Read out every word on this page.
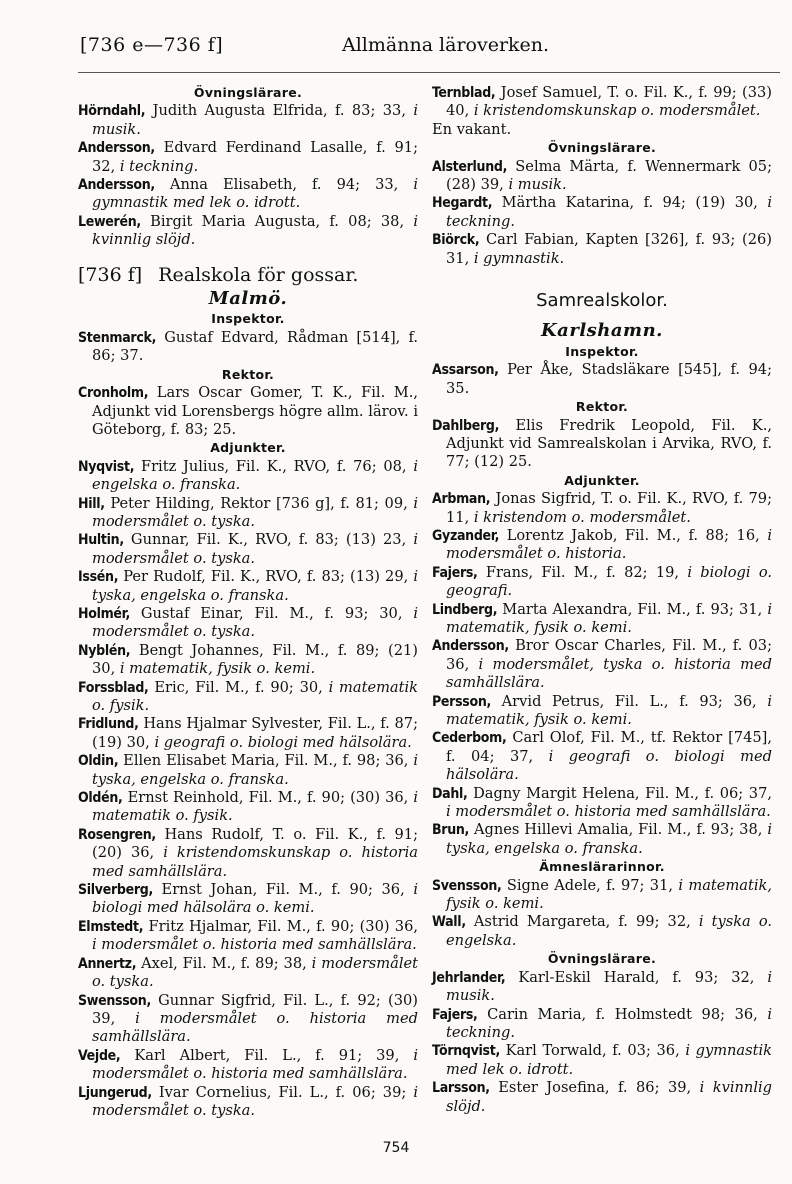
[736 e—736 f]	Allmänna läroverken.

Övningslärare.

Hörndahl, Judith Augusta Elfrida, f. 83; 33, i musik.

Andersson, Edvard Ferdinand Lasalle, f. 91; 32, i teckning.

Andersson, Anna Elisabeth, f. 94; 33, i gymnastik med lek o. idrott.

Lewerén, Birgit Maria Augusta, f. 08; 38, i kvinnlig slöjd.

[736 f] Realskola för gossar.

Malmö.

Inspektor.

Stenmarck, Gustaf Edvard, Rådman [514], f. 86; 37.

Rektor.

Cronholm, Lars Oscar Gomer, T. K., Fil. M., Adjunkt vid Lorensbergs högre allm. lärov. i Göteborg, f. 83; 25.

Adjunkter.

Nyqvist, Fritz Julius, Fil. K., RVO, f. 76; 08, i engelska o. franska.

Hill, Peter Hilding, Rektor [736 g], f. 81; 09, i modersmålet o. tyska.

Hultin, Gunnar, Fil. K., RVO, f. 83; (13) 23, i modersmålet o. tyska.

Issén, Per Rudolf, Fil. K., RVO, f. 83; (13) 29, i tyska, engelska o. franska.

Holmér, Gustaf Einar, Fil. M., f. 93; 30, i modersmålet o. tyska.

Nyblén, Bengt Johannes, Fil. M., f. 89; (21) 30, i matematik, fysik o. kemi.

Forssblad, Eric, Fil. M., f. 90; 30, i matematik o. fysik.

Fridlund, Hans Hjalmar Sylvester, Fil. L., f. 87; (19) 30, i geografi o. biologi med hälsolära.

Oldin, Ellen Elisabet Maria, Fil. M., f. 98; 36, i tyska, engelska o. franska.

Oldén, Ernst Reinhold, Fil. M., f. 90; (30) 36, i matematik o. fysik.

Rosengren, Hans Rudolf, T. o. Fil. K., f. 91; (20) 36, i kristendomskunskap o. historia med samhällslära.

Silverberg, Ernst Johan, Fil. M., f. 90; 36, i biologi med hälsolära o. kemi.

Elmstedt, Fritz Hjalmar, Fil. M., f. 90; (30) 36, i modersmålet o. historia med samhällslära.

Annertz, Axel, Fil. M., f. 89; 38, i modersmålet o. tyska.

Swensson, Gunnar Sigfrid, Fil. L., f. 92; (30) 39, i modersmålet o. historia med samhällslära.

Vejde, Karl Albert, Fil. L., f. 91; 39, i modersmålet o. historia med samhällslära.

Ljungerud, Ivar Cornelius, Fil. L., f. 06; 39; i modersmålet o. tyska.

Ternblad, Josef Samuel, T. o. Fil. K., f. 99; (33) 40, i kristendomskunskap o. modersmålet.

En vakant.

Övningslärare.

Alsterlund, Selma Märta, f. Wennermark 05; (28) 39, i musik.

Hegardt, Märtha Katarina, f. 94; (19) 30, i teckning.

Biörck, Carl Fabian, Kapten [326], f. 93; (26) 31, i gymnastik.

Samrealskolor.

Karlshamn.

Inspektor.

Assarson, Per Åke, Stadsläkare [545], f. 94; 35.

Rektor.

Dahlberg, Elis Fredrik Leopold, Fil. K., Adjunkt vid Samrealskolan i Arvika, RVO, f. 77; (12) 25.

Adjunkter.

Arbman, Jonas Sigfrid, T. o. Fil. K., RVO, f. 79; 11, i kristendom o. modersmålet.

Gyzander, Lorentz Jakob, Fil. M., f. 88; 16, i modersmålet o. historia.

Fajers, Frans, Fil. M., f. 82; 19, i biologi o. geografi.

Lindberg, Marta Alexandra, Fil. M., f. 93; 31, i matematik, fysik o. kemi.

Andersson, Bror Oscar Charles, Fil. M., f. 03; 36, i modersmålet, tyska o. historia med samhällslära.

Persson, Arvid Petrus, Fil. L., f. 93; 36, i matematik, fysik o. kemi.

Cederbom, Carl Olof, Fil. M., tf. Rektor [745], f. 04; 37, i geografi o. biologi med hälsolära.

Dahl, Dagny Margit Helena, Fil. M., f. 06; 37, i modersmålet o. historia med samhällslära.

Brun, Agnes Hillevi Amalia, Fil. M., f. 93; 38, i tyska, engelska o. franska.

Ämneslärarinnor.

Svensson, Signe Adele, f. 97; 31, i matematik, fysik o. kemi.

Wall, Astrid Margareta, f. 99; 32, i tyska o. engelska.

Övningslärare.

Jehrlander, Karl-Eskil Harald, f. 93; 32, i musik.

Fajers, Carin Maria, f. Holmstedt 98; 36, i teckning.

Törnqvist, Karl Torwald, f. 03; 36, i gymnastik med lek o. idrott.

Larsson, Ester Josefina, f. 86; 39, i kvinnlig slöjd.

754
